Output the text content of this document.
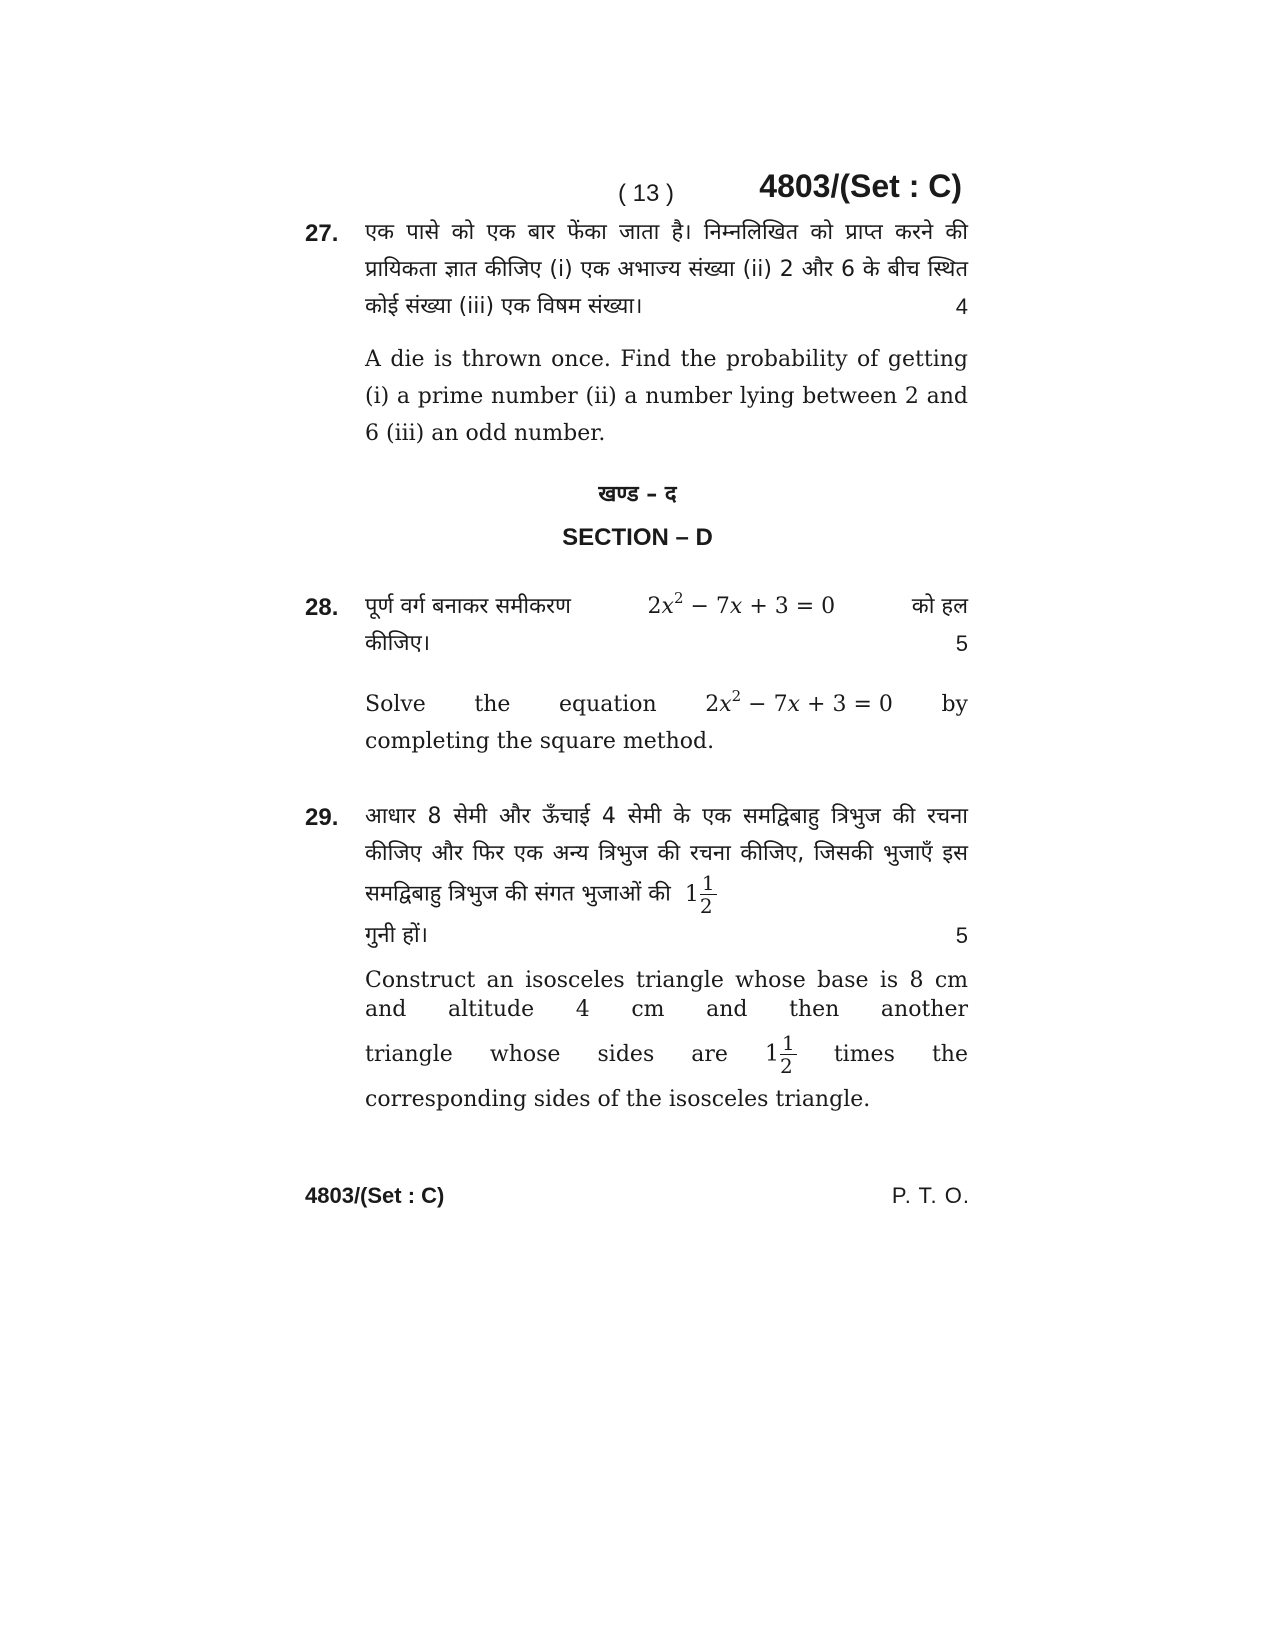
( 13 )	4803/(Set : C)
27. एक पासे को एक बार फेंका जाता है। निम्नलिखित को प्राप्त करने की प्रायिकता ज्ञात कीजिए (i) एक अभाज्य संख्या (ii) 2 और 6 के बीच स्थित कोई संख्या (iii) एक विषम संख्या।	4

A die is thrown once. Find the probability of getting (i) a prime number (ii) a number lying between 2 and 6 (iii) an odd number.

खण्ड – द
SECTION – D
28. पूर्ण वर्ग बनाकर समीकरण	$2x^2 - 7x + 3 = 0$	को हल
कीजिए।	5
Solve the equation $2x^2 - 7x + 3 = 0$ by
completing the square method.
29. आधार 8 सेमी और ऊँचाई 4 सेमी के एक समद्विबाहु त्रिभुज की रचना कीजिए और फिर एक अन्य त्रिभुज की रचना कीजिए, जिसकी भुजाएँ इस समद्विबाहु त्रिभुज की संगत भुजाओं की $1 \frac{1}{2}$
गुनी हों।	5
Construct an isosceles triangle whose base is 8 cm and altitude 4 cm and then another
triangle whose sides are $1 \frac{1}{2}$ times the
corresponding sides of the isosceles triangle.
4803/(Set : C)	P. T. O.
